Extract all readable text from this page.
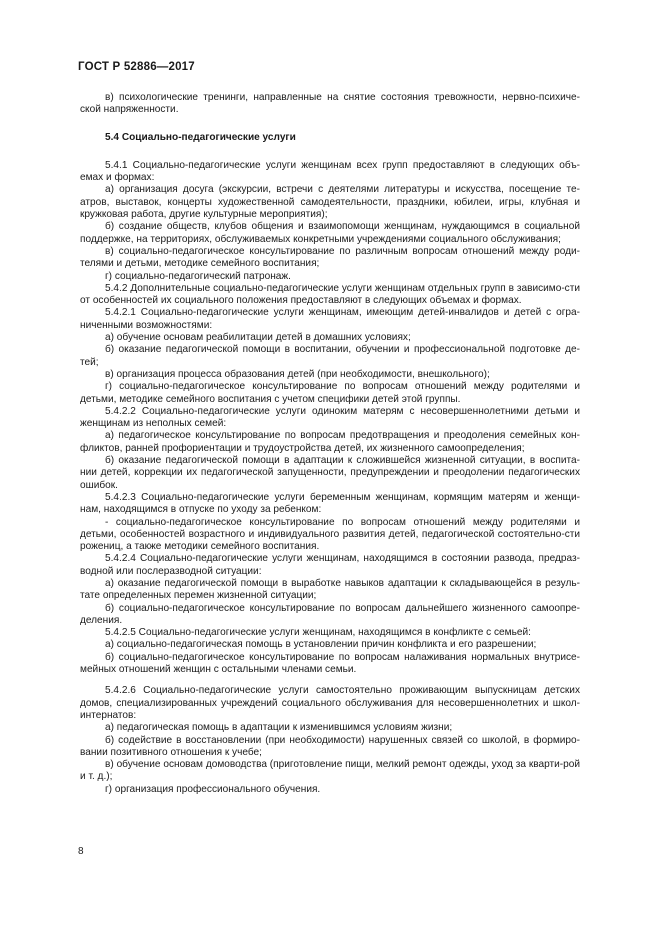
ГОСТ Р 52886—2017

в) психологические тренинги, направленные на снятие состояния тревожности, нервно-психиче-ской напряженности.

5.4 Социально-педагогические услуги

5.4.1 Социально-педагогические услуги женщинам всех групп предоставляют в следующих объ-емах и формах:

а) организация досуга (экскурсии, встречи с деятелями литературы и искусства, посещение те-атров, выставок, концерты художественной самодеятельности, праздники, юбилеи, игры, клубная и кружковая работа, другие культурные мероприятия);

б) создание обществ, клубов общения и взаимопомощи женщинам, нуждающимся в социальной поддержке, на территориях, обслуживаемых конкретными учреждениями социального обслуживания;

в) социально-педагогическое консультирование по различным вопросам отношений между роди-телями и детьми, методике семейного воспитания;

г) социально-педагогический патронаж.

5.4.2 Дополнительные социально-педагогические услуги женщинам отдельных групп в зависимо-сти от особенностей их социального положения предоставляют в следующих объемах и формах.

5.4.2.1 Социально-педагогические услуги женщинам, имеющим детей-инвалидов и детей с огра-ниченными возможностями:

а) обучение основам реабилитации детей в домашних условиях;

б) оказание педагогической помощи в воспитании, обучении и профессиональной подготовке де-тей;

в) организация процесса образования детей (при необходимости, внешкольного);

г) социально-педагогическое консультирование по вопросам отношений между родителями и детьми, методике семейного воспитания с учетом специфики детей этой группы.

5.4.2.2 Социально-педагогические услуги одиноким матерям с несовершеннолетними детьми и женщинам из неполных семей:

а) педагогическое консультирование по вопросам предотвращения и преодоления семейных кон-фликтов, ранней профориентации и трудоустройства детей, их жизненного самоопределения;

б) оказание педагогической помощи в адаптации к сложившейся жизненной ситуации, в воспита-нии детей, коррекции их педагогической запущенности, предупреждении и преодолении педагогических ошибок.

5.4.2.3 Социально-педагогические услуги беременным женщинам, кормящим матерям и женщи-нам, находящимся в отпуске по уходу за ребенком:

- социально-педагогическое консультирование по вопросам отношений между родителями и детьми, особенностей возрастного и индивидуального развития детей, педагогической состоятельно-сти рожениц, а также методики семейного воспитания.

5.4.2.4 Социально-педагогические услуги женщинам, находящимся в состоянии развода, предраз-водной или послеразводной ситуации:

а) оказание педагогической помощи в выработке навыков адаптации к складывающейся в резуль-тате определенных перемен жизненной ситуации;

б) социально-педагогическое консультирование по вопросам дальнейшего жизненного самоопре-деления.

5.4.2.5 Социально-педагогические услуги женщинам, находящимся в конфликте с семьей:

а) социально-педагогическая помощь в установлении причин конфликта и его разрешении;

б) социально-педагогическое консультирование по вопросам налаживания нормальных внутрисе-мейных отношений женщин с остальными членами семьи.

5.4.2.6 Социально-педагогические услуги самостоятельно проживающим выпускницам детских домов, специализированных учреждений социального обслуживания для несовершеннолетних и школ-интернатов:

а) педагогическая помощь в адаптации к изменившимся условиям жизни;

б) содействие в восстановлении (при необходимости) нарушенных связей со школой, в формиро-вании позитивного отношения к учебе;

в) обучение основам домоводства (приготовление пищи, мелкий ремонт одежды, уход за кварти-рой и т. д.);

г) организация профессионального обучения.

8
